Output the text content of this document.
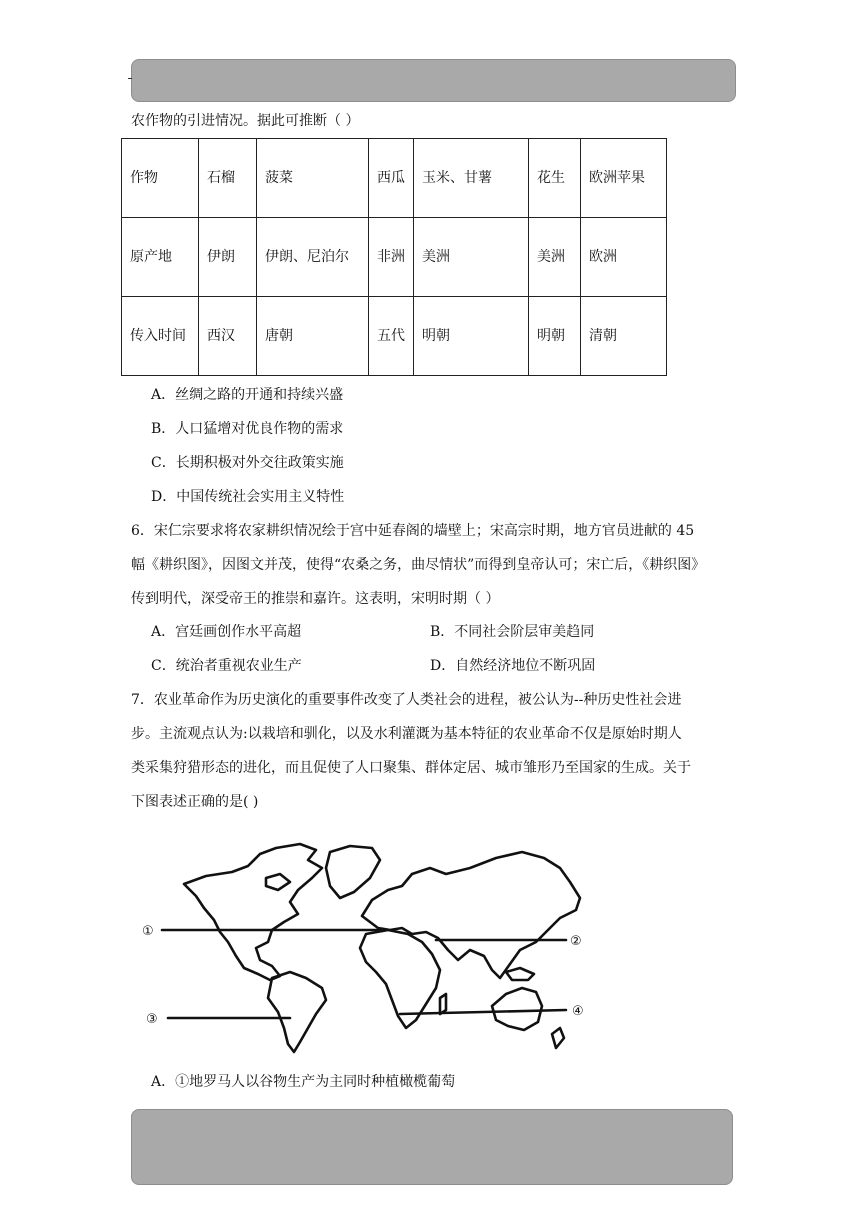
农作物的引进情况。据此可推断（ ）
作物	石榴	菠菜	西瓜	玉米、甘薯	花生	欧洲苹果
原产地	伊朗	伊朗、尼泊尔	非洲	美洲	美洲	欧洲
传入时间	西汉	唐朝	五代	明朝	明朝	清朝
A．丝绸之路的开通和持续兴盛
B．人口猛增对优良作物的需求
C．长期积极对外交往政策实施
D．中国传统社会实用主义特性
6．宋仁宗要求将农家耕织情况绘于宫中延春阁的墙壁上；宋高宗时期，地方官员进献的 45
幅《耕织图》，因图文并茂，使得“农桑之务，曲尽情状”而得到皇帝认可；宋亡后，《耕织图》
传到明代，深受帝王的推崇和嘉许。这表明，宋明时期（ ）
A．宫廷画创作水平高超	B．不同社会阶层审美趋同
C．统治者重视农业生产	D．自然经济地位不断巩固
7．农业革命作为历史演化的重要事件改变了人类社会的进程，被公认为--种历史性社会进
步。主流观点认为:以栽培和驯化，以及水利灌溉为基本特征的农业革命不仅是原始时期人
类采集狩猎形态的进化，而且促使了人口聚集、群体定居、城市雏形乃至国家的生成。关于
下图表述正确的是( )
①
②
③
④
A．①地罗马人以谷物生产为主同时种植橄榄葡萄
